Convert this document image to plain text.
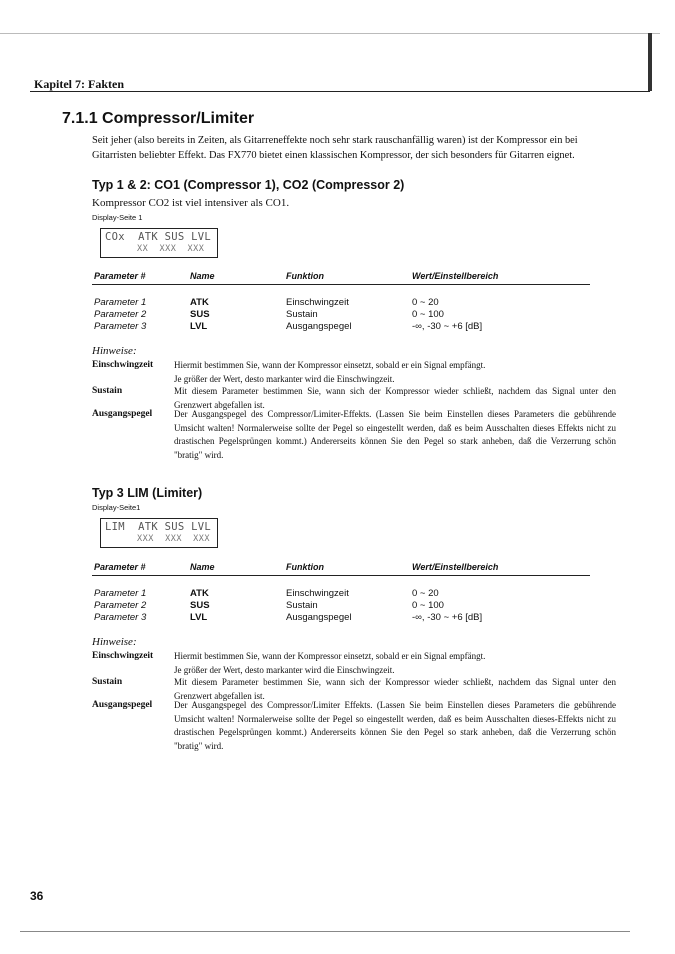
Kapitel 7: Fakten
7.1.1 Compressor/Limiter
Seit jeher (also bereits in Zeiten, als Gitarreneffekte noch sehr stark rauschanfällig waren) ist der Kompressor ein bei Gitarristen beliebter Effekt. Das FX770 bietet einen klassischen Kompressor, der sich besonders für Gitarren eignet.
Typ 1 & 2: CO1 (Compressor 1), CO2 (Compressor 2)
Kompressor CO2 ist viel intensiver als CO1.
Display-Seite 1
COx  ATK SUS LVL
XX  XXX  XXX
Parameter #	Name	Funktion	Wert/Einstellbereich
Parameter 1	ATK	Einschwingzeit	0 ~ 20
Parameter 2	SUS	Sustain	0 ~ 100
Parameter 3	LVL	Ausgangspegel	-∞, -30 ~ +6 [dB]
Hinweise:
Einschwingzeit Hiermit bestimmen Sie, wann der Kompressor einsetzt, sobald er ein Signal empfängt.
Je größer der Wert, desto markanter wird die Einschwingzeit.
Sustain	Mit diesem Parameter bestimmen Sie, wann sich der Kompressor wieder schließt, nachdem das Signal unter den Grenzwert abgefallen ist.
Ausgangspegel Der Ausgangspegel des Compressor/Limiter-Effekts. (Lassen Sie beim Einstellen dieses Parameters die gebührende Umsicht walten! Normalerweise sollte der Pegel so eingestellt werden, daß es beim Ausschalten dieses Effekts nicht zu drastischen Pegelsprüngen kommt.) Andererseits können Sie den Pegel so stark anheben, daß die Verzerrung schön "bratig" wird.
Typ 3 LIM (Limiter)
Display-Seite1
LIM  ATK SUS LVL
XXX  XXX  XXX
Parameter #	Name	Funktion	Wert/Einstellbereich
Parameter 1	ATK	Einschwingzeit	0 ~ 20
Parameter 2	SUS	Sustain	0 ~ 100
Parameter 3	LVL	Ausgangspegel	-∞, -30 ~ +6 [dB]
Hinweise:
Einschwingzeit Hiermit bestimmen Sie, wann der Kompressor einsetzt, sobald er ein Signal empfängt.
Je größer der Wert, desto markanter wird die Einschwingzeit.
Sustain	Mit diesem Parameter bestimmen Sie, wann sich der Kompressor wieder schließt, nachdem das Signal unter den Grenzwert abgefallen ist.
Ausgangspegel Der Ausgangspegel des Compressor/Limiter Effekts. (Lassen Sie beim Einstellen dieses Parameters die gebührende Umsicht walten! Normalerweise sollte der Pegel so eingestellt werden, daß es beim Ausschalten dieses-Effekts nicht zu drastischen Pegelsprüngen kommt.) Andererseits können Sie den Pegel so stark anheben, daß die Verzerrung schön "bratig" wird.
36
